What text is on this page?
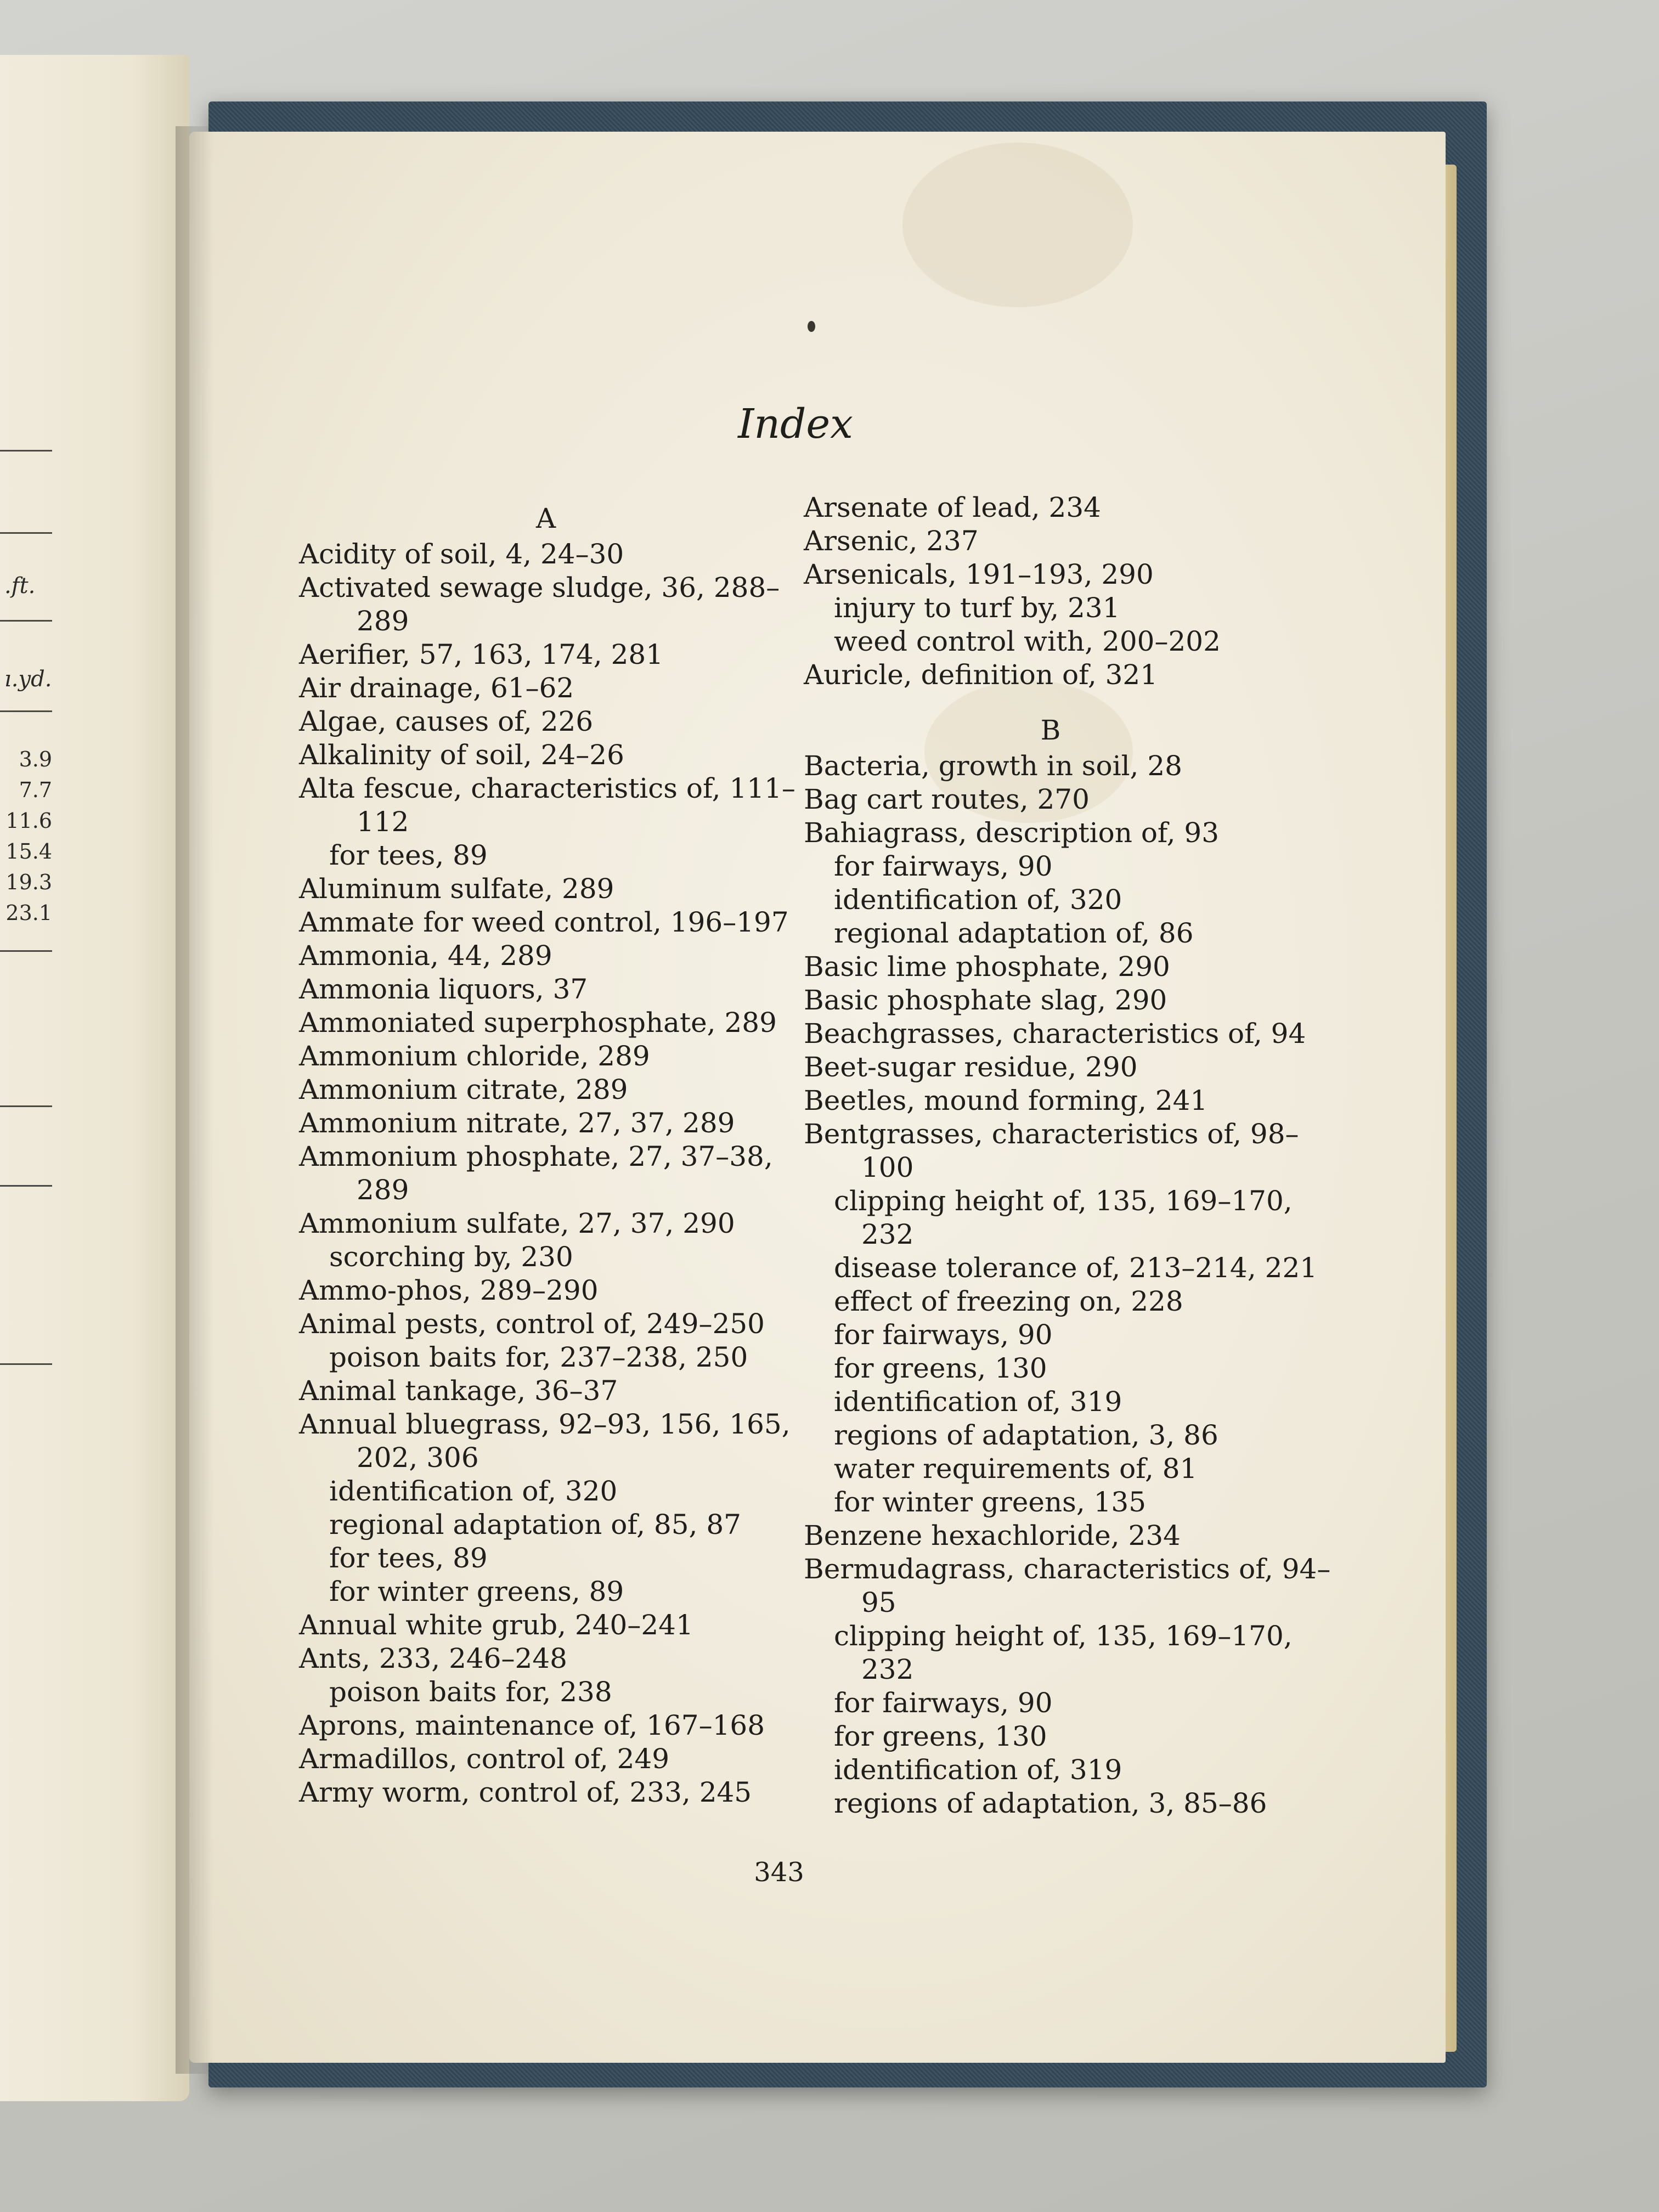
.ft.
ı.yd.
3.9
7.7
11.6
15.4
19.3
23.1
Index
A
Acidity of soil, 4, 24–30
Activated sewage sludge, 36, 288–
289
Aerifier, 57, 163, 174, 281
Air drainage, 61–62
Algae, causes of, 226
Alkalinity of soil, 24–26
Alta fescue, characteristics of, 111–
112
for tees, 89
Aluminum sulfate, 289
Ammate for weed control, 196–197
Ammonia, 44, 289
Ammonia liquors, 37
Ammoniated superphosphate, 289
Ammonium chloride, 289
Ammonium citrate, 289
Ammonium nitrate, 27, 37, 289
Ammonium phosphate, 27, 37–38,
289
Ammonium sulfate, 27, 37, 290
scorching by, 230
Ammo-phos, 289–290
Animal pests, control of, 249–250
poison baits for, 237–238, 250
Animal tankage, 36–37
Annual bluegrass, 92–93, 156, 165,
202, 306
identification of, 320
regional adaptation of, 85, 87
for tees, 89
for winter greens, 89
Annual white grub, 240–241
Ants, 233, 246–248
poison baits for, 238
Aprons, maintenance of, 167–168
Armadillos, control of, 249
Army worm, control of, 233, 245
Arsenate of lead, 234
Arsenic, 237
Arsenicals, 191–193, 290
injury to turf by, 231
weed control with, 200–202
Auricle, definition of, 321
B
Bacteria, growth in soil, 28
Bag cart routes, 270
Bahiagrass, description of, 93
for fairways, 90
identification of, 320
regional adaptation of, 86
Basic lime phosphate, 290
Basic phosphate slag, 290
Beachgrasses, characteristics of, 94
Beet-sugar residue, 290
Beetles, mound forming, 241
Bentgrasses, characteristics of, 98–
100
clipping height of, 135, 169–170,
232
disease tolerance of, 213–214, 221
effect of freezing on, 228
for fairways, 90
for greens, 130
identification of, 319
regions of adaptation, 3, 86
water requirements of, 81
for winter greens, 135
Benzene hexachloride, 234
Bermudagrass, characteristics of, 94–
95
clipping height of, 135, 169–170,
232
for fairways, 90
for greens, 130
identification of, 319
regions of adaptation, 3, 85–86
343
